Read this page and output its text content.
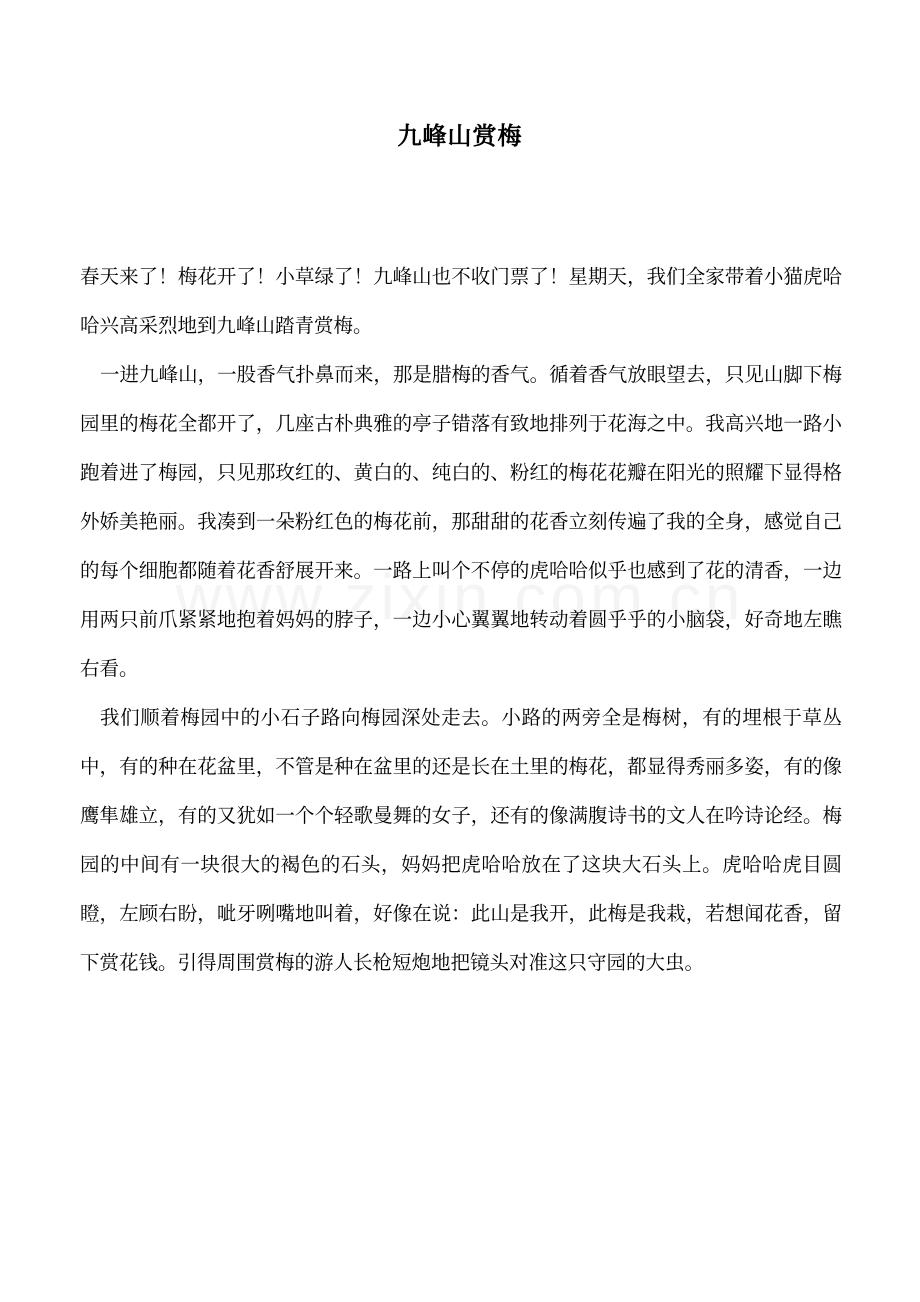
九峰山赏梅

春天来了！梅花开了！小草绿了！九峰山也不收门票了！星期天，我们全家带着小猫虎哈哈兴高采烈地到九峰山踏青赏梅。

一进九峰山，一股香气扑鼻而来，那是腊梅的香气。循着香气放眼望去，只见山脚下梅园里的梅花全都开了，几座古朴典雅的亭子错落有致地排列于花海之中。我高兴地一路小跑着进了梅园，只见那玫红的、黄白的、纯白的、粉红的梅花花瓣在阳光的照耀下显得格外娇美艳丽。我凑到一朵粉红色的梅花前，那甜甜的花香立刻传遍了我的全身，感觉自己的每个细胞都随着花香舒展开来。一路上叫个不停的虎哈哈似乎也感到了花的清香，一边用两只前爪紧紧地抱着妈妈的脖子，一边小心翼翼地转动着圆乎乎的小脑袋，好奇地左瞧右看。

我们顺着梅园中的小石子路向梅园深处走去。小路的两旁全是梅树，有的埋根于草丛中，有的种在花盆里，不管是种在盆里的还是长在土里的梅花，都显得秀丽多姿，有的像鹰隼雄立，有的又犹如一个个轻歌曼舞的女子，还有的像满腹诗书的文人在吟诗论经。梅园的中间有一块很大的褐色的石头，妈妈把虎哈哈放在了这块大石头上。虎哈哈虎目圆瞪，左顾右盼，呲牙咧嘴地叫着，好像在说：此山是我开，此梅是我栽，若想闻花香，留下赏花钱。引得周围赏梅的游人长枪短炮地把镜头对准这只守园的大虫。
